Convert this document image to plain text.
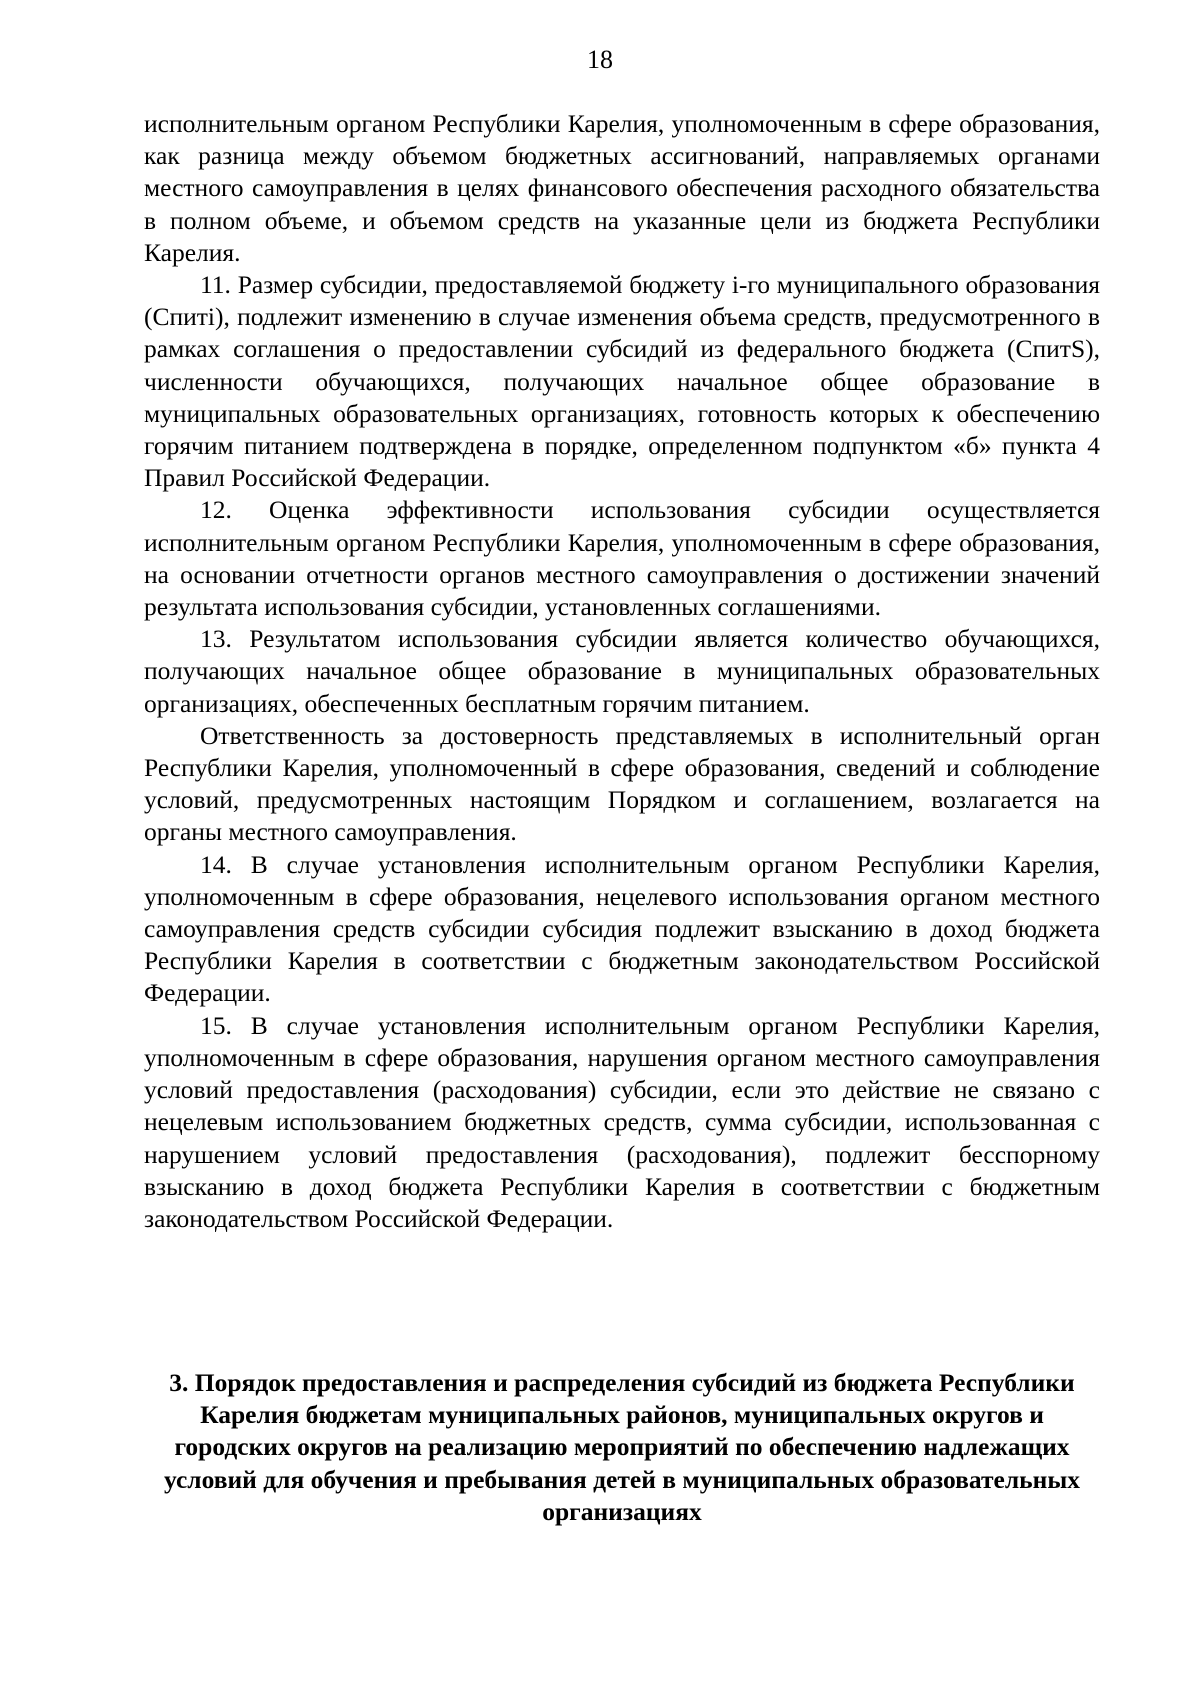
18

исполнительным органом Республики Карелия, уполномоченным в сфере образования, как разница между объемом бюджетных ассигнований, направляемых органами местного самоуправления в целях финансового обеспечения расходного обязательства в полном объеме, и объемом средств на указанные цели из бюджета Республики Карелия.

11. Размер субсидии, предоставляемой бюджету i-го муниципального образования (Cпиті), подлежит изменению в случае изменения объема средств, предусмотренного в рамках соглашения о предоставлении субсидий из федерального бюджета (CпитS), численности обучающихся, получающих начальное общее образование в муниципальных образовательных организациях, готовность которых к обеспечению горячим питанием подтверждена в порядке, определенном подпунктом «б» пункта 4 Правил Российской Федерации.

12. Оценка эффективности использования субсидии осуществляется исполнительным органом Республики Карелия, уполномоченным в сфере образования, на основании отчетности органов местного самоуправления о достижении значений результата использования субсидии, установленных соглашениями.

13. Результатом использования субсидии является количество обучающихся, получающих начальное общее образование в муниципальных образовательных организациях, обеспеченных бесплатным горячим питанием.

Ответственность за достоверность представляемых в исполнительный орган Республики Карелия, уполномоченный в сфере образования, сведений и соблюдение условий, предусмотренных настоящим Порядком и соглашением, возлагается на органы местного самоуправления.

14. В случае установления исполнительным органом Республики Карелия, уполномоченным в сфере образования, нецелевого использования органом местного самоуправления средств субсидии субсидия подлежит взысканию в доход бюджета Республики Карелия в соответствии с бюджетным законодательством Российской Федерации.

15. В случае установления исполнительным органом Республики Карелия, уполномоченным в сфере образования, нарушения органом местного самоуправления условий предоставления (расходования) субсидии, если это действие не связано с нецелевым использованием бюджетных средств, сумма субсидии, использованная с нарушением условий предоставления (расходования), подлежит бесспорному взысканию в доход бюджета Республики Карелия в соответствии с бюджетным законодательством Российской Федерации.

3. Порядок предоставления и распределения субсидий из бюджета Республики Карелия бюджетам муниципальных районов, муниципальных округов и городских округов на реализацию мероприятий по обеспечению надлежащих условий для обучения и пребывания детей в муниципальных образовательных организациях
